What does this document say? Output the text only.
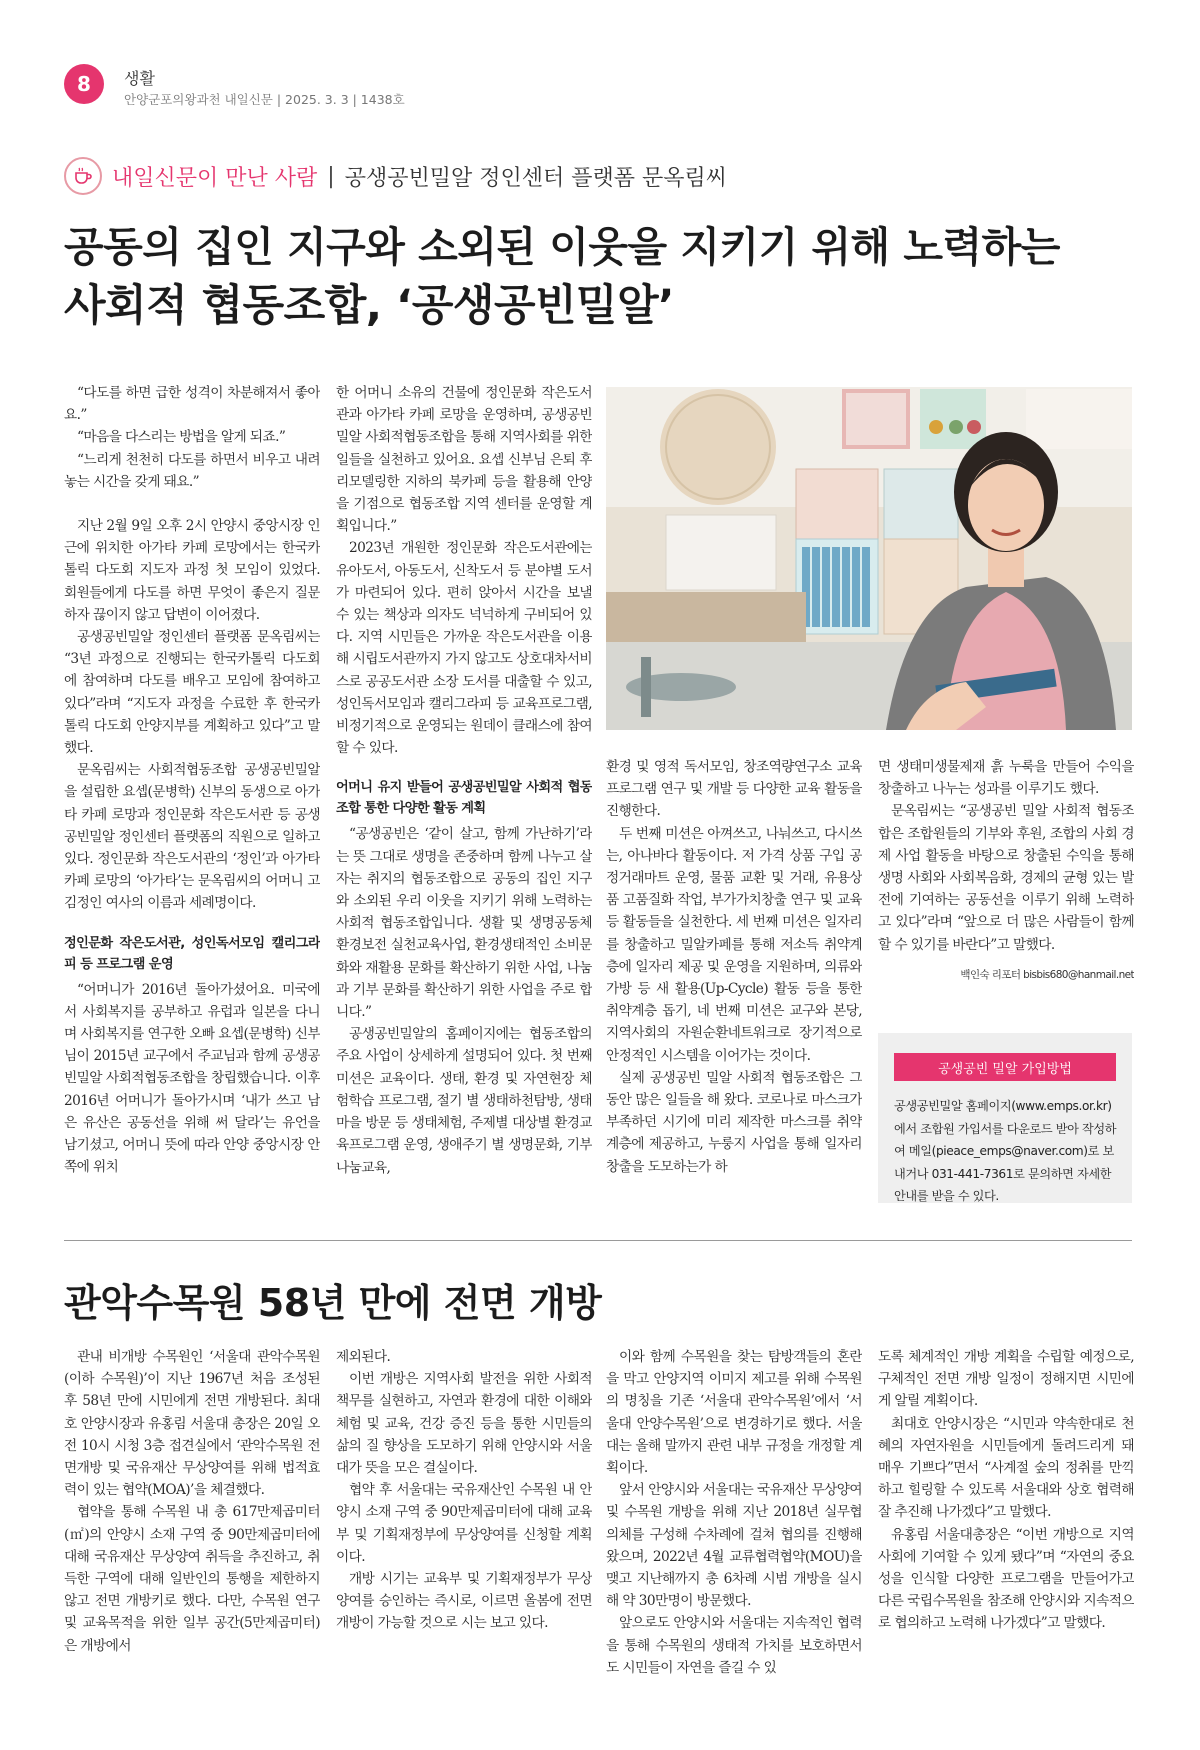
8	생활
안양군포의왕과천 내일신문 | 2025. 3. 3 | 1438호
내일신문이 만난 사람 | 공생공빈밀알 정인센터 플랫폼 문옥림씨
공동의 집인 지구와 소외된 이웃을 지키기 위해 노력하는
사회적 협동조합, ‘공생공빈밀알’

“다도를 하면 급한 성격이 차분해져서 좋아요.”

“마음을 다스리는 방법을 알게 되죠.”

“느리게 천천히 다도를 하면서 비우고 내려놓는 시간을 갖게 돼요.”

지난 2월 9일 오후 2시 안양시 중앙시장 인근에 위치한 아가타 카페 로망에서는 한국카톨릭 다도회 지도자 과정 첫 모임이 있었다. 회원들에게 다도를 하면 무엇이 좋은지 질문하자 끊이지 않고 답변이 이어졌다.

공생공빈밀알 정인센터 플랫폼 문옥림씨는 “3년 과정으로 진행되는 한국카톨릭 다도회에 참여하며 다도를 배우고 모임에 참여하고 있다”라며 “지도자 과정을 수료한 후 한국카톨릭 다도회 안양지부를 계획하고 있다”고 말했다.

문옥림씨는 사회적협동조합 공생공빈밀알을 설립한 요셉(문병학) 신부의 동생으로 아가타 카페 로망과 정인문화 작은도서관 등 공생공빈밀알 정인센터 플랫폼의 직원으로 일하고 있다. 정인문화 작은도서관의 ‘정인’과 아가타 카페 로망의 ‘아가타’는 문옥림씨의 어머니 고 김정인 여사의 이름과 세례명이다.

정인문화 작은도서관, 성인독서모임 캘리그라피 등 프로그램 운영

“어머니가 2016년 돌아가셨어요. 미국에서 사회복지를 공부하고 유럽과 일본을 다니며 사회복지를 연구한 오빠 요셉(문병학) 신부님이 2015년 교구에서 주교님과 함께 공생공빈밀알 사회적협동조합을 창립했습니다. 이후 2016년 어머니가 돌아가시며 ‘내가 쓰고 남은 유산은 공동선을 위해 써 달라’는 유언을 남기셨고, 어머니 뜻에 따라 안양 중앙시장 안쪽에 위치

한 어머니 소유의 건물에 정인문화 작은도서관과 아가타 카페 로망을 운영하며, 공생공빈밀알 사회적협동조합을 통해 지역사회를 위한 일들을 실천하고 있어요. 요셉 신부님 은퇴 후 리모델링한 지하의 북카페 등을 활용해 안양을 기점으로 협동조합 지역 센터를 운영할 계획입니다.”

2023년 개원한 정인문화 작은도서관에는 유아도서, 아동도서, 신착도서 등 분야별 도서가 마련되어 있다. 편히 앉아서 시간을 보낼 수 있는 책상과 의자도 넉넉하게 구비되어 있다. 지역 시민들은 가까운 작은도서관을 이용해 시립도서관까지 가지 않고도 상호대차서비스로 공공도서관 소장 도서를 대출할 수 있고, 성인독서모임과 캘리그라피 등 교육프로그램, 비정기적으로 운영되는 원데이 클래스에 참여할 수 있다.

어머니 유지 받들어 공생공빈밀알 사회적 협동조합 통한 다양한 활동 계획

“공생공빈은 ‘같이 살고, 함께 가난하기’라는 뜻 그대로 생명을 존중하며 함께 나누고 살자는 취지의 협동조합으로 공동의 집인 지구와 소외된 우리 이웃을 지키기 위해 노력하는 사회적 협동조합입니다. 생활 및 생명공동체 환경보전 실천교육사업, 환경생태적인 소비문화와 재활용 문화를 확산하기 위한 사업, 나눔과 기부 문화를 확산하기 위한 사업을 주로 합니다.”

공생공빈밀알의 홈페이지에는 협동조합의 주요 사업이 상세하게 설명되어 있다. 첫 번째 미션은 교육이다. 생태, 환경 및 자연현장 체험학습 프로그램, 절기 별 생태하천탐방, 생태마을 방문 등 생태체험, 주제별 대상별 환경교육프로그램 운영, 생애주기 별 생명문화, 기부나눔교육,

환경 및 영적 독서모임, 창조역량연구소 교육프로그램 연구 및 개발 등 다양한 교육 활동을 진행한다.

두 번째 미션은 아껴쓰고, 나눠쓰고, 다시쓰는, 아나바다 활동이다. 저 가격 상품 구입 공정거래마트 운영, 물품 교환 및 거래, 유용상품 고품질화 작업, 부가가치창출 연구 및 교육 등 활동들을 실천한다. 세 번째 미션은 일자리를 창출하고 밀알카페를 통해 저소득 취약계층에 일자리 제공 및 운영을 지원하며, 의류와 가방 등 새 활용(Up-Cycle) 활동 등을 통한 취약계층 돕기, 네 번째 미션은 교구와 본당, 지역사회의 자원순환네트워크로 장기적으로 안정적인 시스템을 이어가는 것이다.

실제 공생공빈 밀알 사회적 협동조합은 그동안 많은 일들을 해 왔다. 코로나로 마스크가 부족하던 시기에 미리 제작한 마스크를 취약계층에 제공하고, 누룽지 사업을 통해 일자리 창출을 도모하는가 하

면 생태미생물제재 흙 누룩을 만들어 수익을 창출하고 나누는 성과를 이루기도 했다.

문옥림씨는 “공생공빈 밀알 사회적 협동조합은 조합원들의 기부와 후원, 조합의 사회 경제 사업 활동을 바탕으로 창출된 수익을 통해 생명 사회와 사회복음화, 경제의 균형 있는 발전에 기여하는 공동선을 이루기 위해 노력하고 있다”라며 “앞으로 더 많은 사람들이 함께 할 수 있기를 바란다”고 말했다.

백인숙 리포터 bisbis680@hanmail.net

공생공빈 밀알 가입방법
공생공빈밀알 홈페이지(www.emps.or.kr)에서 조합원 가입서를 다운로드 받아 작성하여 메일(pieace_emps@naver.com)로 보내거나 031-441-7361로 문의하면 자세한 안내를 받을 수 있다.
관악수목원 58년 만에 전면 개방

관내 비개방 수목원인 ‘서울대 관악수목원(이하 수목원)’이 지난 1967년 처음 조성된 후 58년 만에 시민에게 전면 개방된다. 최대호 안양시장과 유홍림 서울대 총장은 20일 오전 10시 시청 3층 접견실에서 ‘관악수목원 전면개방 및 국유재산 무상양여를 위해 법적효력이 있는 협약(MOA)’을 체결했다.

협약을 통해 수목원 내 총 617만제곱미터(㎡)의 안양시 소재 구역 중 90만제곱미터에 대해 국유재산 무상양여 취득을 추진하고, 취득한 구역에 대해 일반인의 통행을 제한하지 않고 전면 개방키로 했다. 다만, 수목원 연구 및 교육목적을 위한 일부 공간(5만제곱미터)은 개방에서

제외된다.

이번 개방은 지역사회 발전을 위한 사회적 책무를 실현하고, 자연과 환경에 대한 이해와 체험 및 교육, 건강 증진 등을 통한 시민들의 삶의 질 향상을 도모하기 위해 안양시와 서울대가 뜻을 모은 결실이다.

협약 후 서울대는 국유재산인 수목원 내 안양시 소재 구역 중 90만제곱미터에 대해 교육부 및 기획재정부에 무상양여를 신청할 계획이다.

개방 시기는 교육부 및 기획재정부가 무상양여를 승인하는 즉시로, 이르면 올봄에 전면 개방이 가능할 것으로 시는 보고 있다.

이와 함께 수목원을 찾는 탐방객들의 혼란을 막고 안양지역 이미지 제고를 위해 수목원의 명칭을 기존 ‘서울대 관악수목원’에서 ‘서울대 안양수목원’으로 변경하기로 했다. 서울대는 올해 말까지 관련 내부 규정을 개정할 계획이다.

앞서 안양시와 서울대는 국유재산 무상양여 및 수목원 개방을 위해 지난 2018년 실무협의체를 구성해 수차례에 걸쳐 협의를 진행해왔으며, 2022년 4월 교류협력협약(MOU)을 맺고 지난해까지 총 6차례 시범 개방을 실시해 약 30만명이 방문했다.

앞으로도 안양시와 서울대는 지속적인 협력을 통해 수목원의 생태적 가치를 보호하면서도 시민들이 자연을 즐길 수 있

도록 체계적인 개방 계획을 수립할 예정으로, 구체적인 전면 개방 일정이 정해지면 시민에게 알릴 계획이다.

최대호 안양시장은 “시민과 약속한대로 천혜의 자연자원을 시민들에게 돌려드리게 돼 매우 기쁘다”면서 “사계절 숲의 정취를 만끽하고 힐링할 수 있도록 서울대와 상호 협력해 잘 추진해 나가겠다”고 말했다.

유홍림 서울대총장은 “이번 개방으로 지역사회에 기여할 수 있게 됐다”며 “자연의 중요성을 인식할 다양한 프로그램을 만들어가고 다른 국립수목원을 참조해 안양시와 지속적으로 협의하고 노력해 나가겠다”고 말했다.
